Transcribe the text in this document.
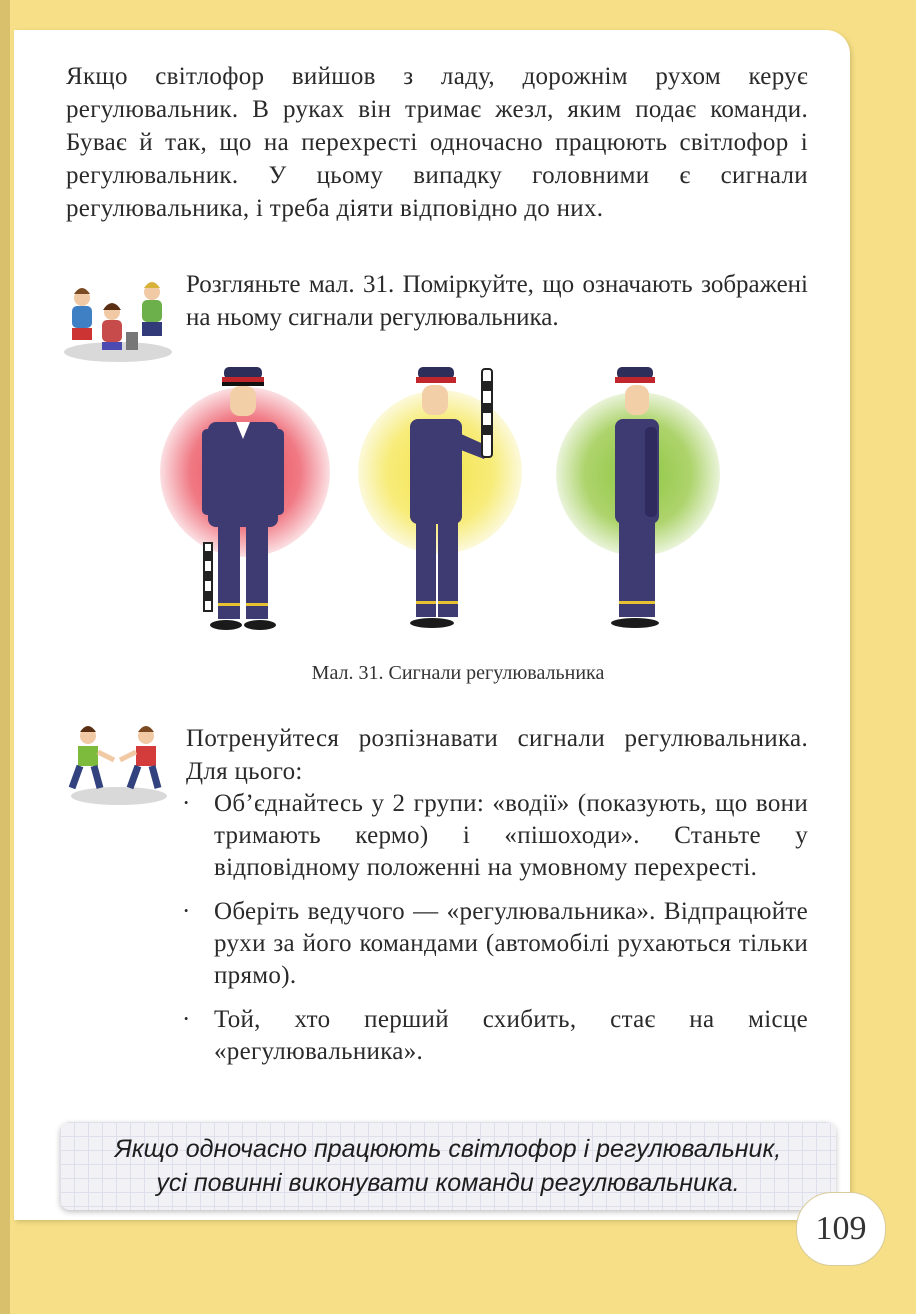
Якщо світлофор вийшов з ладу, дорожнім рухом керує регулювальник. В руках він тримає жезл, яким подає команди. Буває й так, що на перехресті одночасно працюють світлофор і регулювальник. У цьому випадку головними є сигнали регулювальника, і треба діяти відповідно до них.

Розгляньте мал. 31. Поміркуйте, що означають зображені на ньому сигнали регулювальника.

Мал. 31. Сигнали регулювальника

Потренуйтеся розпізнавати сигнали регулювальника. Для цього:

· Об’єднайтесь у 2 групи: «водії» (показують, що вони тримають кермо) і «пішоходи». Станьте у відповідному положенні на умовному перехресті.
· Оберіть ведучого — «регулювальника». Відпрацюйте рухи за його командами (автомобілі рухаються тільки прямо).
· Той, хто перший схибить, стає на місце «регулювальника».

Якщо одночасно працюють світлофор і регулювальник,
усі повинні виконувати команди регулювальника.

109
